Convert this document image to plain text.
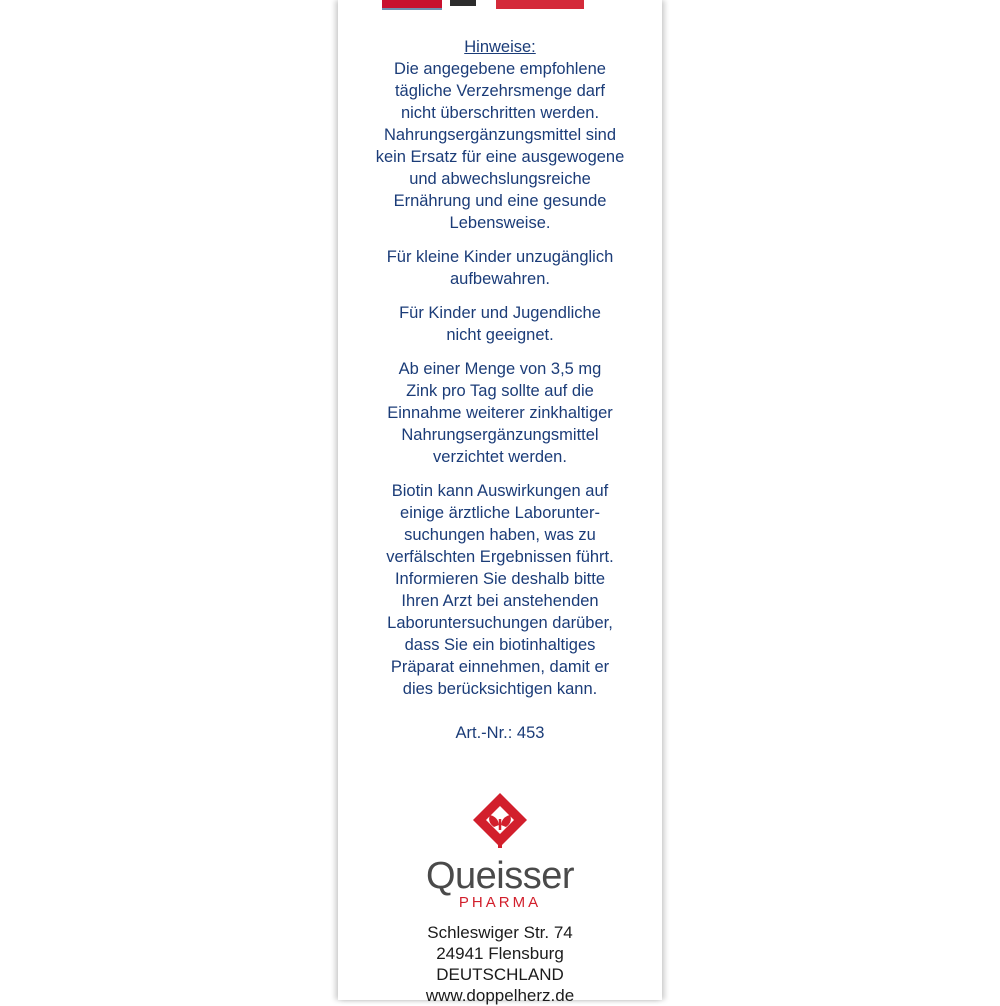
Hinweise:

Die angegebene empfohlene
tägliche Verzehrsmenge darf
nicht überschritten werden.
Nahrungsergänzungsmittel sind
kein Ersatz für eine ausgewogene
und abwechslungsreiche
Ernährung und eine gesunde
Lebensweise.

Für kleine Kinder unzugänglich
aufbewahren.

Für Kinder und Jugendliche
nicht geeignet.

Ab einer Menge von 3,5 mg
Zink pro Tag sollte auf die
Einnahme weiterer zinkhaltiger
Nahrungsergänzungsmittel
verzichtet werden.

Biotin kann Auswirkungen auf
einige ärztliche Laborunter-
suchungen haben, was zu
verfälschten Ergebnissen führt.
Informieren Sie deshalb bitte
Ihren Arzt bei anstehenden
Laboruntersuchungen darüber,
dass Sie ein biotinhaltiges
Präparat einnehmen, damit er
dies berücksichtigen kann.

Art.-Nr.: 453

Queisser
PHARMA
Schleswiger Str. 74
24941 Flensburg
DEUTSCHLAND
www.doppelherz.de
